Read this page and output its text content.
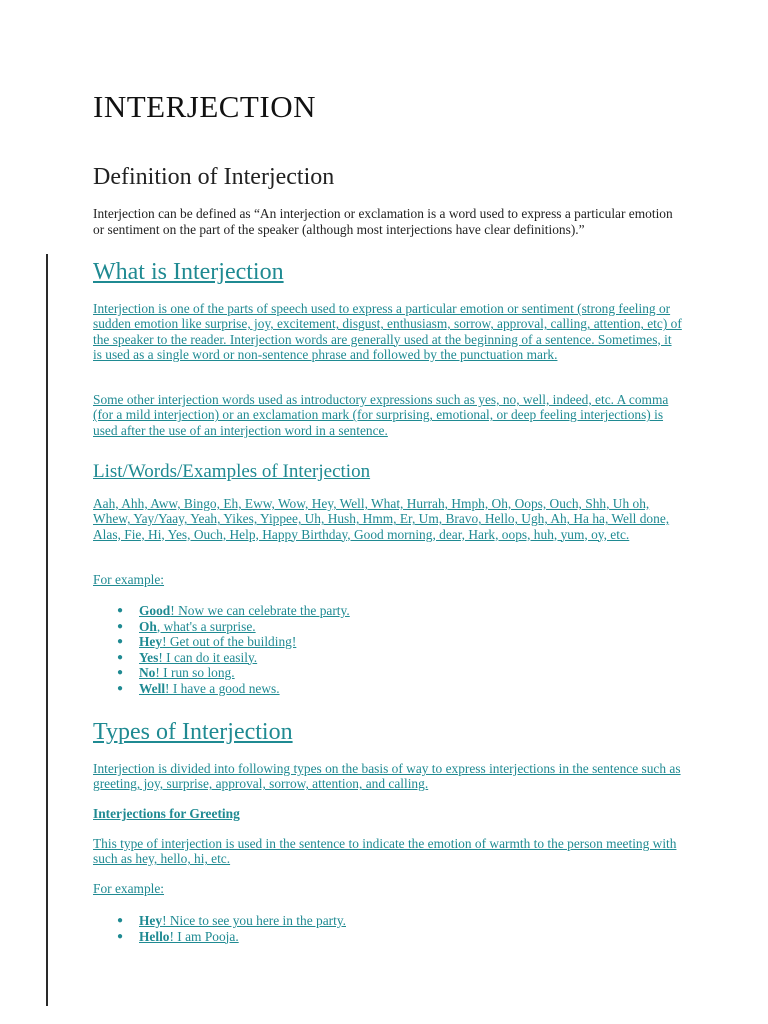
INTERJECTION
Definition of Interjection
Interjection can be defined as “An interjection or exclamation is a word used to express a particular emotion or sentiment on the part of the speaker (although most interjections have clear definitions).”
What is Interjection
Interjection is one of the parts of speech used to express a particular emotion or sentiment (strong feeling or sudden emotion like surprise, joy, excitement, disgust, enthusiasm, sorrow, approval, calling, attention, etc) of the speaker to the reader. Interjection words are generally used at the beginning of a sentence. Sometimes, it is used as a single word or non-sentence phrase and followed by the punctuation mark.
Some other interjection words used as introductory expressions such as yes, no, well, indeed, etc. A comma (for a mild interjection) or an exclamation mark (for surprising, emotional, or deep feeling interjections) is used after the use of an interjection word in a sentence.
List/Words/Examples of Interjection
Aah, Ahh, Aww, Bingo, Eh, Eww, Wow, Hey, Well, What, Hurrah, Hmph, Oh, Oops, Ouch, Shh, Uh oh, Whew, Yay/Yaay, Yeah, Yikes, Yippee, Uh, Hush, Hmm, Er, Um, Bravo, Hello, Ugh, Ah, Ha ha, Well done, Alas, Fie, Hi, Yes, Ouch, Help, Happy Birthday, Good morning, dear, Hark, oops, huh, yum, oy, etc.
For example:
● Good! Now we can celebrate the party.
● Oh, what's a surprise.
● Hey! Get out of the building!
● Yes! I can do it easily.
● No! I run so long.
● Well! I have a good news.
Types of Interjection
Interjection is divided into following types on the basis of way to express interjections in the sentence such as greeting, joy, surprise, approval, sorrow, attention, and calling.
Interjections for Greeting
This type of interjection is used in the sentence to indicate the emotion of warmth to the person meeting with such as hey, hello, hi, etc.
For example:
● Hey! Nice to see you here in the party.
● Hello! I am Pooja.
